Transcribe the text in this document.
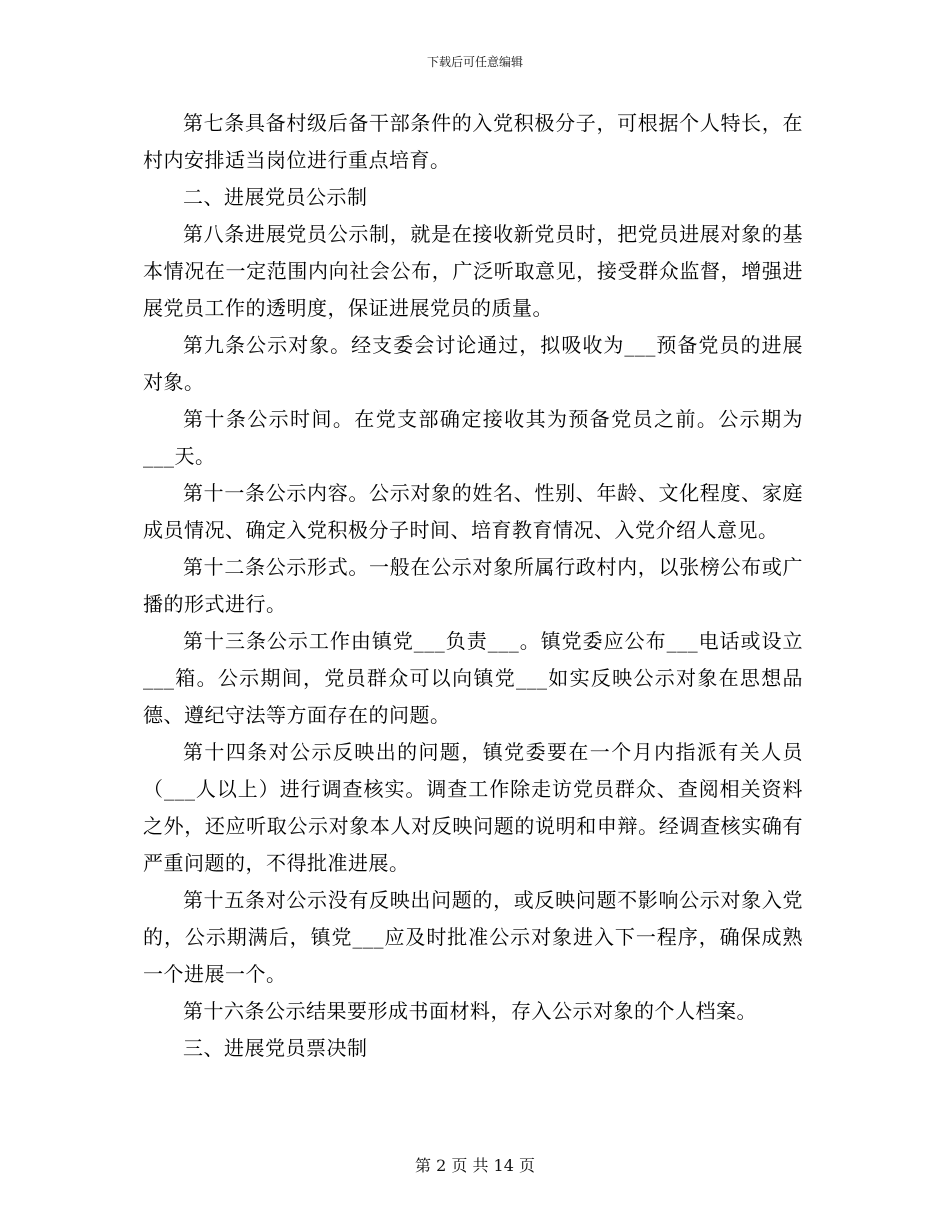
下载后可任意编辑

第七条具备村级后备干部条件的入党积极分子，可根据个人特长，在村内安排适当岗位进行重点培育。

二、进展党员公示制

第八条进展党员公示制，就是在接收新党员时，把党员进展对象的基本情况在一定范围内向社会公布，广泛听取意见，接受群众监督，增强进展党员工作的透明度，保证进展党员的质量。

第九条公示对象。经支委会讨论通过，拟吸收为___预备党员的进展对象。

第十条公示时间。在党支部确定接收其为预备党员之前。公示期为___天。

第十一条公示内容。公示对象的姓名、性别、年龄、文化程度、家庭成员情况、确定入党积极分子时间、培育教育情况、入党介绍人意见。

第十二条公示形式。一般在公示对象所属行政村内，以张榜公布或广播的形式进行。

第十三条公示工作由镇党___负责___。镇党委应公布___电话或设立___箱。公示期间，党员群众可以向镇党___如实反映公示对象在思想品德、遵纪守法等方面存在的问题。

第十四条对公示反映出的问题，镇党委要在一个月内指派有关人员（___人以上）进行调查核实。调查工作除走访党员群众、查阅相关资料之外，还应听取公示对象本人对反映问题的说明和申辩。经调查核实确有严重问题的，不得批准进展。

第十五条对公示没有反映出问题的，或反映问题不影响公示对象入党的，公示期满后，镇党___应及时批准公示对象进入下一程序，确保成熟一个进展一个。

第十六条公示结果要形成书面材料，存入公示对象的个人档案。

三、进展党员票决制

第 2 页 共 14 页
